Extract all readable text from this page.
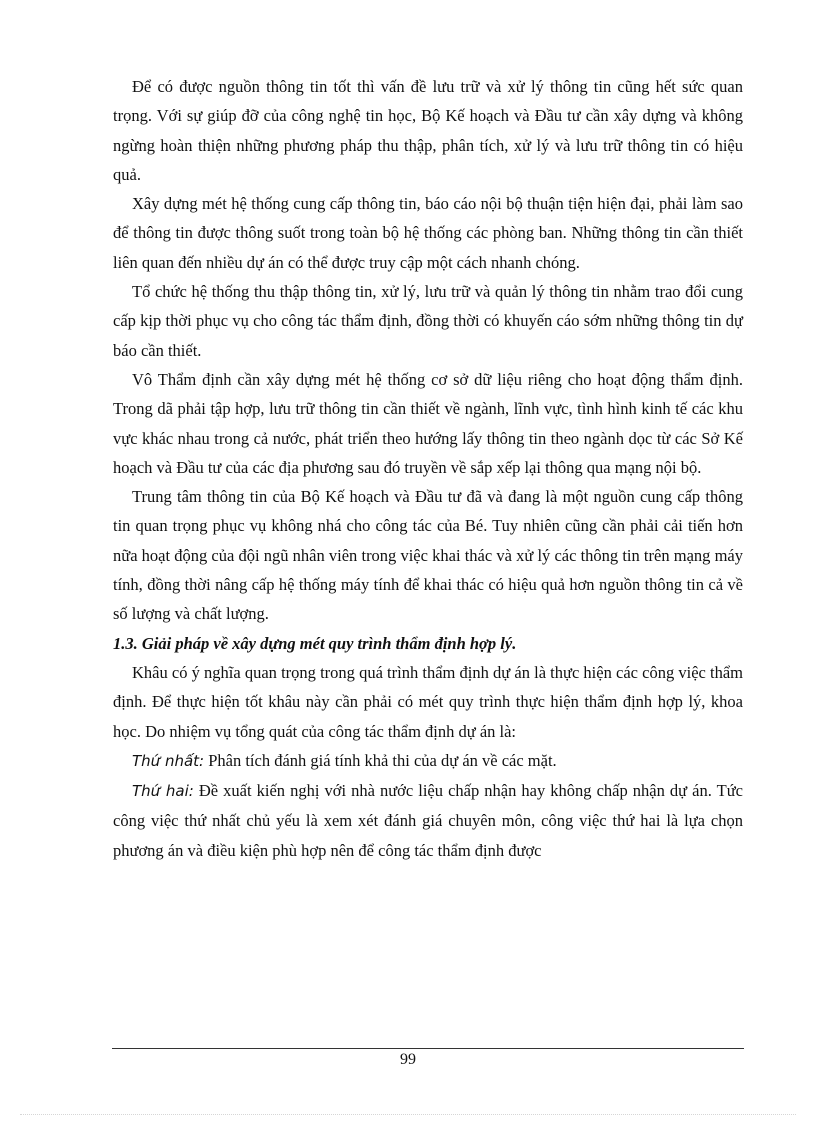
Để có được nguồn thông tin tốt thì vấn đề lưu trữ và xử lý thông tin cũng hết sức quan trọng. Với sự giúp đỡ của công nghệ tin học, Bộ Kế hoạch và Đầu tư cần xây dựng và không ngừng hoàn thiện những phương pháp thu thập, phân tích, xử lý và lưu trữ thông tin có hiệu quả.

Xây dựng mét hệ thống cung cấp thông tin, báo cáo nội bộ thuận tiện hiện đại, phải làm sao để thông tin được thông suốt trong toàn bộ hệ thống các phòng ban. Những thông tin cần thiết liên quan đến nhiều dự án có thể được truy cập một cách nhanh chóng.

Tổ chức hệ thống thu thập thông tin, xử lý, lưu trữ và quản lý thông tin nhằm trao đổi cung cấp kịp thời phục vụ cho công tác thẩm định, đồng thời có khuyến cáo sớm những thông tin dự báo cần thiết.

Vô Thẩm định cần xây dựng mét hệ thống cơ sở dữ liệu riêng cho hoạt động thẩm định. Trong dã phải tập hợp, lưu trữ thông tin cần thiết về ngành, lĩnh vực, tình hình kinh tế các khu vực khác nhau trong cả nước, phát triển theo hướng lấy thông tin theo ngành dọc từ các Sở Kế hoạch và Đầu tư của các địa phương sau đó truyền về sắp xếp lại thông qua mạng nội bộ.

Trung tâm thông tin của Bộ Kế hoạch và Đầu tư đã và đang là một nguồn cung cấp thông tin quan trọng phục vụ không nhá cho công tác của Bé. Tuy nhiên cũng cần phải cải tiến hơn nữa hoạt động của đội ngũ nhân viên trong việc khai thác và xử lý các thông tin trên mạng máy tính, đồng thời nâng cấp hệ thống máy tính để khai thác có hiệu quả hơn nguồn thông tin cả về số lượng và chất lượng.

1.3. Giải pháp về xây dựng mét quy trình thẩm định hợp lý.

Khâu có ý nghĩa quan trọng trong quá trình thẩm định dự án là thực hiện các công việc thẩm định. Để thực hiện tốt khâu này cần phải có mét quy trình thực hiện thẩm định hợp lý, khoa học. Do nhiệm vụ tổng quát của công tác thẩm định dự án là:

Thứ nhất: Phân tích đánh giá tính khả thi của dự án về các mặt.

Thứ hai: Đề xuất kiến nghị với nhà nước liệu chấp nhận hay không chấp nhận dự án. Tức công việc thứ nhất chủ yếu là xem xét đánh giá chuyên môn, công việc thứ hai là lựa chọn phương án và điều kiện phù hợp nên để công tác thẩm định được

99
